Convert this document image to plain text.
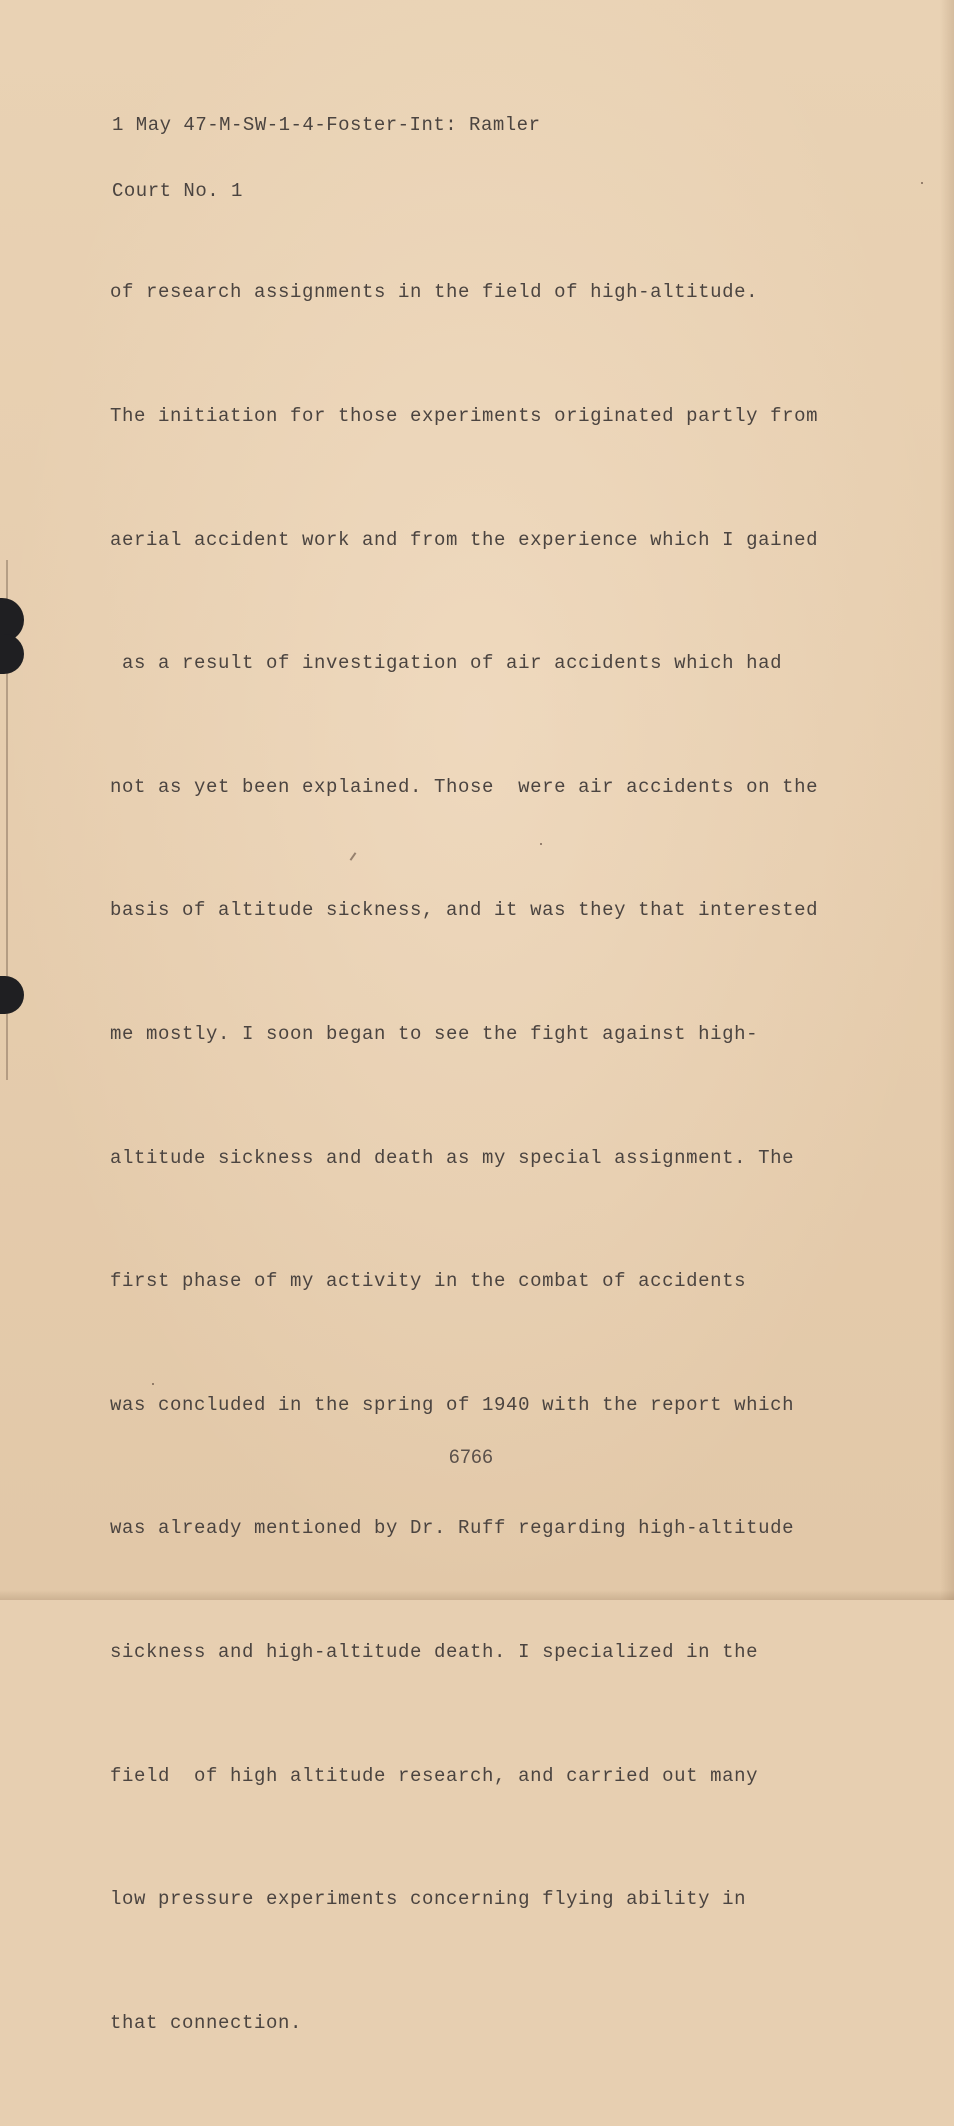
1 May 47-M-SW-1-4-Foster-Int: Ramler

Court No. 1

of research assignments in the field of high-altitude.

The initiation for those experiments originated partly from

aerial accident work and from the experience which I gained

as a result of investigation of air accidents which had

not as yet been explained. Those  were air accidents on the

basis of altitude sickness, and it was they that interested

me mostly. I soon began to see the fight against high-

altitude sickness and death as my special assignment. The

first phase of my activity in the combat of accidents

was concluded in the spring of 1940 with the report which

was already mentioned by Dr. Ruff regarding high-altitude

sickness and high-altitude death. I specialized in the

field  of high altitude research, and carried out many

low pressure experiments concerning flying ability in

that connection.

6766
